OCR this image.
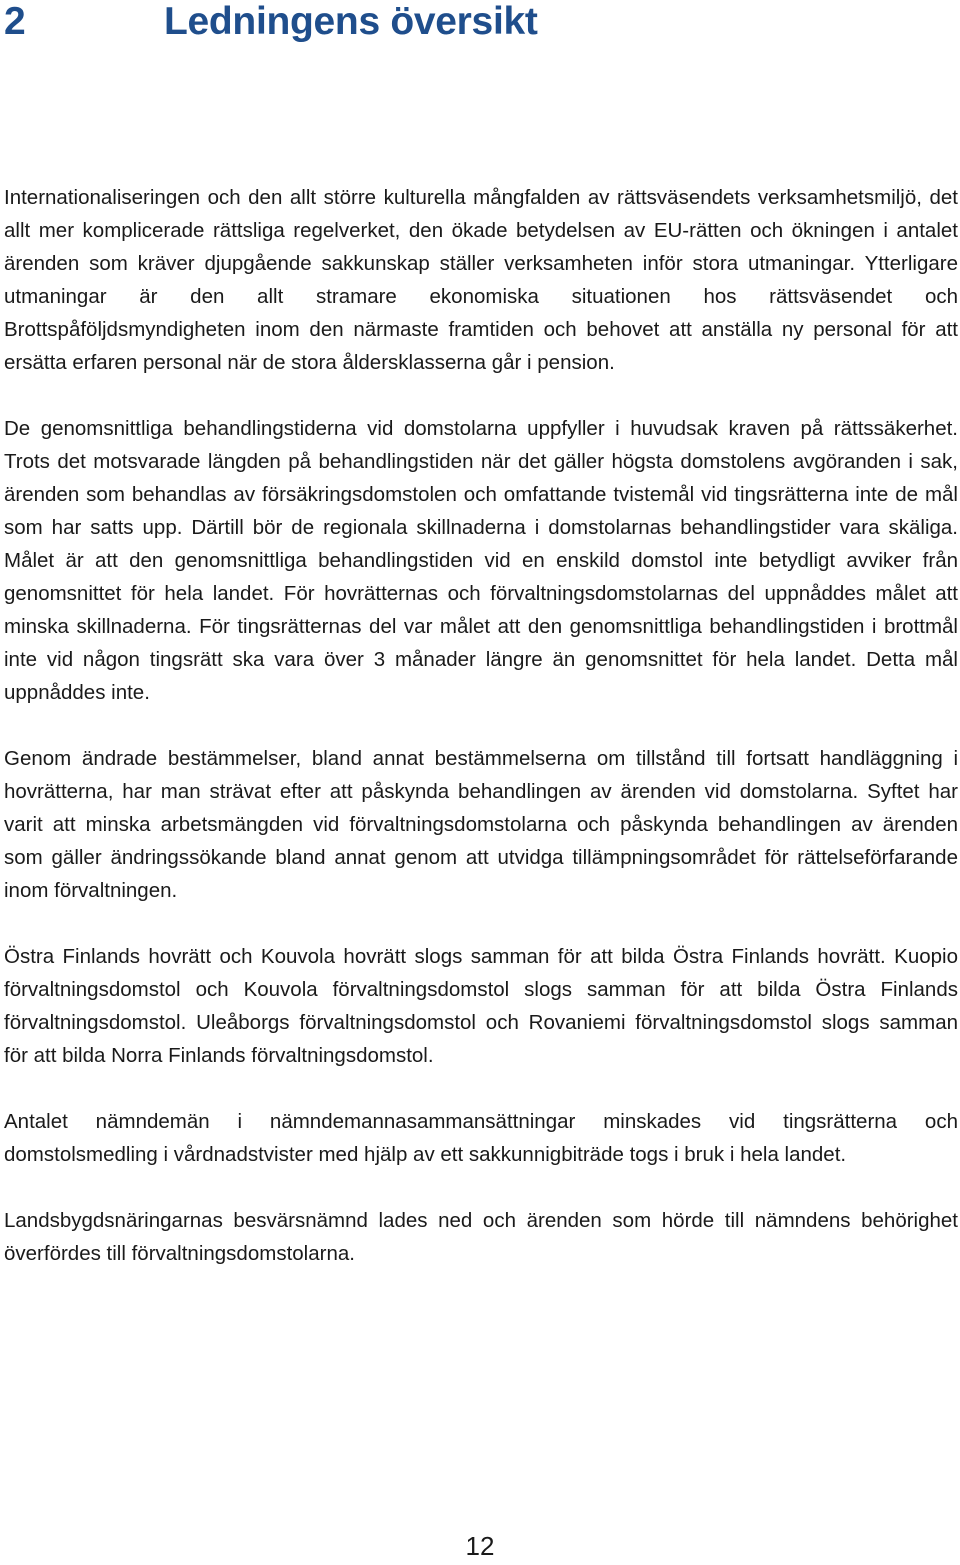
2	Ledningens översikt

Internationaliseringen och den allt större kulturella mångfalden av rättsväsendets verksamhetsmiljö, det allt mer komplicerade rättsliga regelverket, den ökade betydelsen av EU-rätten och ökningen i antalet ärenden som kräver djupgående sakkunskap ställer verksamheten inför stora utmaningar. Ytterligare utmaningar är den allt stramare ekonomiska situationen hos rättsväsendet och Brottspåföljdsmyndigheten inom den närmaste framtiden och behovet att anställa ny personal för att ersätta erfaren personal när de stora åldersklasserna går i pension.

De genomsnittliga behandlingstiderna vid domstolarna uppfyller i huvudsak kraven på rättssäkerhet. Trots det motsvarade längden på behandlingstiden när det gäller högsta domstolens avgöranden i sak, ärenden som behandlas av försäkringsdomstolen och omfattande tvistemål vid tingsrätterna inte de mål som har satts upp. Därtill bör de regionala skillnaderna i domstolarnas behandlingstider vara skäliga. Målet är att den genomsnittliga behandlingstiden vid en enskild domstol inte betydligt avviker från genomsnittet för hela landet. För hovrätternas och förvaltningsdomstolarnas del uppnåddes målet att minska skillnaderna. För tingsrätternas del var målet att den genomsnittliga behandlingstiden i brottmål inte vid någon tingsrätt ska vara över 3 månader längre än genomsnittet för hela landet. Detta mål uppnåddes inte.

Genom ändrade bestämmelser, bland annat bestämmelserna om tillstånd till fortsatt handläggning i hovrätterna, har man strävat efter att påskynda behandlingen av ärenden vid domstolarna. Syftet har varit att minska arbetsmängden vid förvaltningsdomstolarna och påskynda behandlingen av ärenden som gäller ändringssökande bland annat genom att utvidga tillämpningsområdet för rättelseförfarande inom förvaltningen.

Östra Finlands hovrätt och Kouvola hovrätt slogs samman för att bilda Östra Finlands hovrätt. Kuopio förvaltningsdomstol och Kouvola förvaltningsdomstol slogs samman för att bilda Östra Finlands förvaltningsdomstol. Uleåborgs förvaltningsdomstol och Rovaniemi förvaltningsdomstol slogs samman för att bilda Norra Finlands förvaltningsdomstol.

Antalet nämndemän i nämndemannasammansättningar minskades vid tingsrätterna och domstolsmedling i vårdnadstvister med hjälp av ett sakkunnigbiträde togs i bruk i hela landet.

Landsbygdsnäringarnas besvärsnämnd lades ned och ärenden som hörde till nämndens behörighet överfördes till förvaltningsdomstolarna.

12
